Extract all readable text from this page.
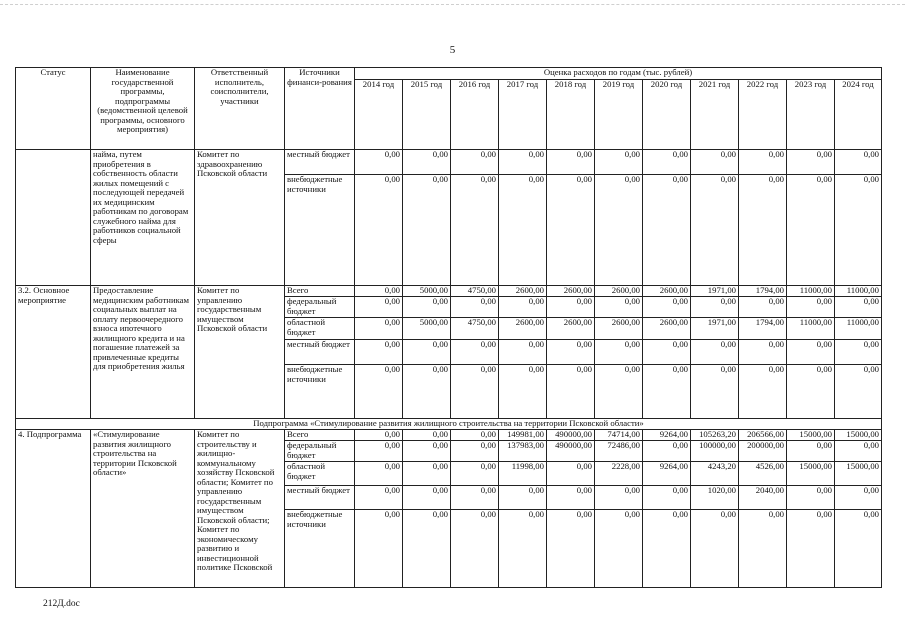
5
Статус	Наименование государственной программы, подпрограммы (ведомственной целевой программы, основного мероприятия)	Ответственный исполнитель, соисполнители, участники	Источники финанси-рования	Оценка расходов по годам (тыс. рублей)										
				2014 год	2015 год	2016 год	2017 год	2018 год	2019 год	2020 год	2021 год	2022 год	2023 год	2024 год
	найма, путем приобретения в собственность области жилых помещений с последующей передачей их медицинским работникам по договорам служебного найма для работников социальной сферы	Комитет по здравоохранению Псковской области	местный бюджет	0,00	0,00	0,00	0,00	0,00	0,00	0,00	0,00	0,00	0,00	0,00
			внебюджетные источники	0,00	0,00	0,00	0,00	0,00	0,00	0,00	0,00	0,00	0,00	0,00
3.2. Основное мероприятие	Предоставление медицинским работникам социальных выплат на оплату первоочередного взноса ипотечного жилищного кредита и на погашение платежей за привлеченные кредиты для приобретения жилья	Комитет по управлению государственным имуществом Псковской области	Всего	0,00	5000,00	4750,00	2600,00	2600,00	2600,00	2600,00	1971,00	1794,00	11000,00	11000,00
			федеральный бюджет	0,00	0,00	0,00	0,00	0,00	0,00	0,00	0,00	0,00	0,00	0,00
			областной бюджет	0,00	5000,00	4750,00	2600,00	2600,00	2600,00	2600,00	1971,00	1794,00	11000,00	11000,00
			местный бюджет	0,00	0,00	0,00	0,00	0,00	0,00	0,00	0,00	0,00	0,00	0,00
			внебюджетные источники	0,00	0,00	0,00	0,00	0,00	0,00	0,00	0,00	0,00	0,00	0,00
Подпрограмма «Стимулирование развития жилищного строительства на территории Псковской области»														
4. Подпрограмма	«Стимулирование развития жилищного строительства на территории Псковской области»	Комитет по строительству и жилищно-коммунальному хозяйству Псковской области; Комитет по управлению государственным имуществом Псковской области; Комитет по экономическому развитию и инвестиционной политике Псковской	Всего	0,00	0,00	0,00	149981,00	490000,00	74714,00	9264,00	105263,20	206566,00	15000,00	15000,00
			федеральный бюджет	0,00	0,00	0,00	137983,00	490000,00	72486,00	0,00	100000,00	200000,00	0,00	0,00
			областной бюджет	0,00	0,00	0,00	11998,00	0,00	2228,00	9264,00	4243,20	4526,00	15000,00	15000,00
			местный бюджет	0,00	0,00	0,00	0,00	0,00	0,00	0,00	1020,00	2040,00	0,00	0,00
			внебюджетные источники	0,00	0,00	0,00	0,00	0,00	0,00	0,00	0,00	0,00	0,00	0,00
212Д.doc
